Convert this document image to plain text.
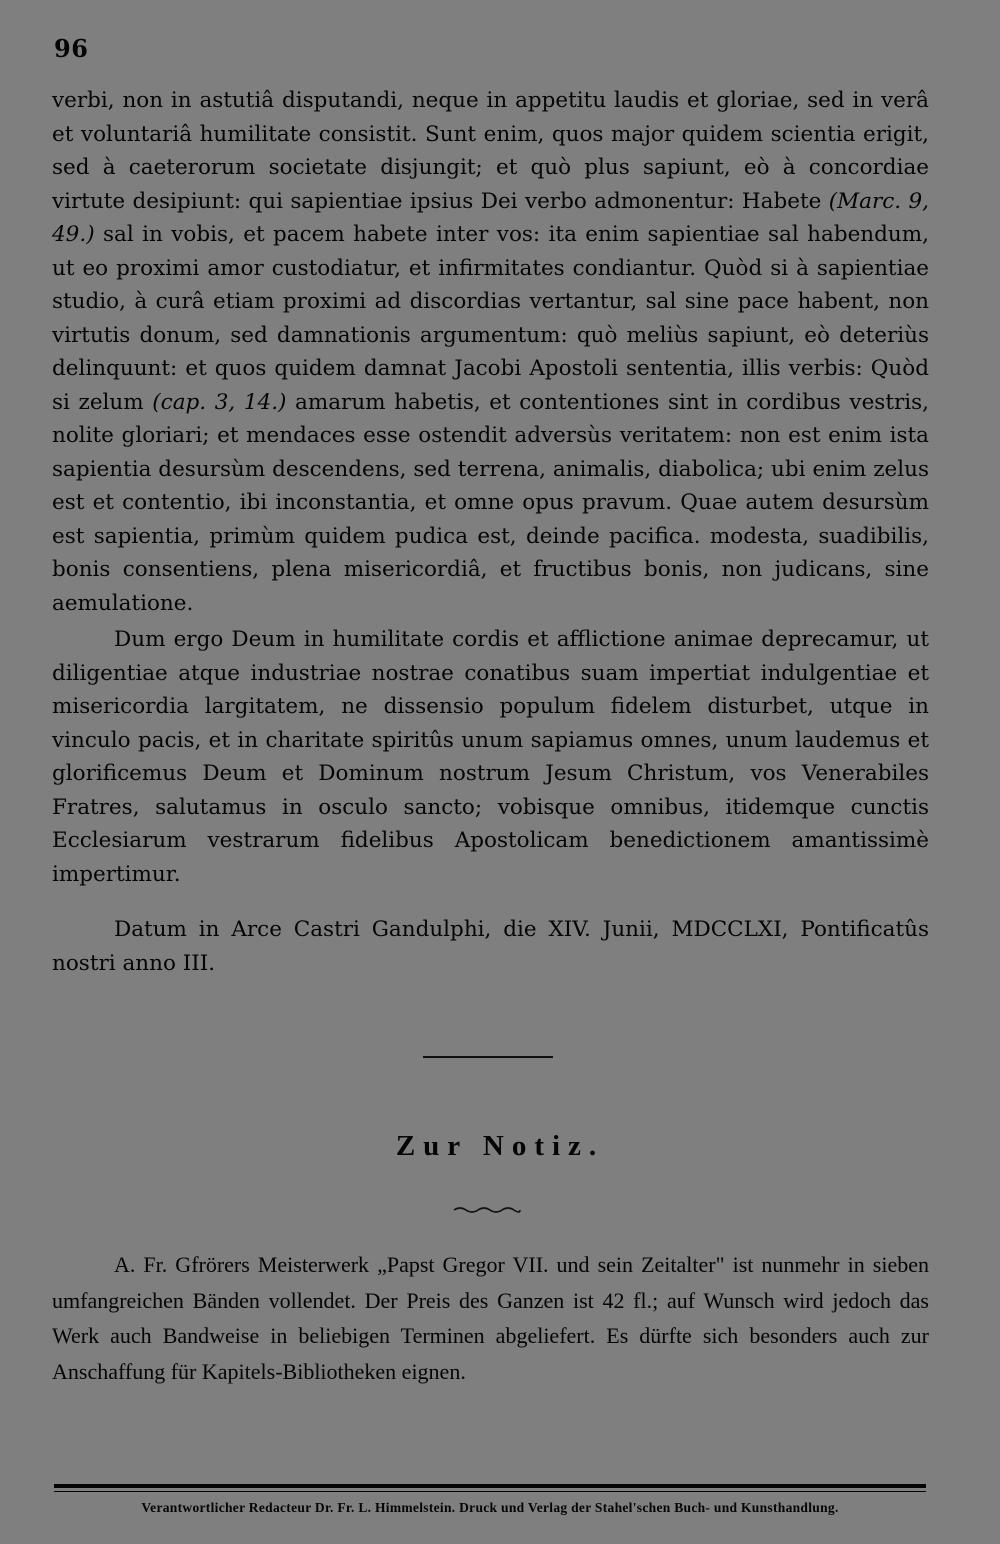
96

verbi, non in astutiâ disputandi, neque in appetitu laudis et gloriae, sed in verâ et voluntariâ humilitate consistit. Sunt enim, quos major quidem scientia erigit, sed à caeterorum societate disjungit; et quò plus sapiunt, eò à concordiae virtute desipiunt: qui sapientiae ipsius Dei verbo admonentur: Habete (Marc. 9, 49.) sal in vobis, et pacem habete inter vos: ita enim sapientiae sal habendum, ut eo proximi amor custodiatur, et infirmitates condiantur. Quòd si à sapientiae studio, à curâ etiam proximi ad discordias vertantur, sal sine pace habent, non virtutis donum, sed damnationis argumentum: quò meliùs sapiunt, eò deteriùs delinquunt: et quos quidem damnat Jacobi Apostoli sententia, illis verbis: Quòd si zelum (cap. 3, 14.) amarum habetis, et contentiones sint in cordibus vestris, nolite gloriari; et mendaces esse ostendit adversùs veritatem: non est enim ista sapientia desursùm descendens, sed terrena, animalis, diabolica; ubi enim zelus est et contentio, ibi inconstantia, et omne opus pravum. Quae autem desursùm est sapientia, primùm quidem pudica est, deinde pacifica. modesta, suadibilis, bonis consentiens, plena misericordiâ, et fructibus bonis, non judicans, sine aemulatione.

Dum ergo Deum in humilitate cordis et afflictione animae deprecamur, ut diligentiae atque industriae nostrae conatibus suam impertiat indulgentiae et misericordia largitatem, ne dissensio populum fidelem disturbet, utque in vinculo pacis, et in charitate spiritûs unum sapiamus omnes, unum laudemus et glorificemus Deum et Dominum nostrum Jesum Christum, vos Venerabiles Fratres, salutamus in osculo sancto; vobisque omnibus, itidemque cunctis Ecclesiarum vestrarum fidelibus Apostolicam benedictionem amantissimè impertimur.

Datum in Arce Castri Gandulphi, die XIV. Junii, MDCCLXI, Pontificatûs nostri anno III.

Zur Notiz.

A. Fr. Gfrörers Meisterwerk „Papst Gregor VII. und sein Zeitalter" ist nunmehr in sieben umfangreichen Bänden vollendet. Der Preis des Ganzen ist 42 fl.; auf Wunsch wird jedoch das Werk auch Bandweise in beliebigen Terminen abgeliefert. Es dürfte sich besonders auch zur Anschaffung für Kapitels-Bibliotheken eignen.

Verantwortlicher Redacteur Dr. Fr. L. Himmelstein. Druck und Verlag der Stahel'schen Buch- und Kunsthandlung.
